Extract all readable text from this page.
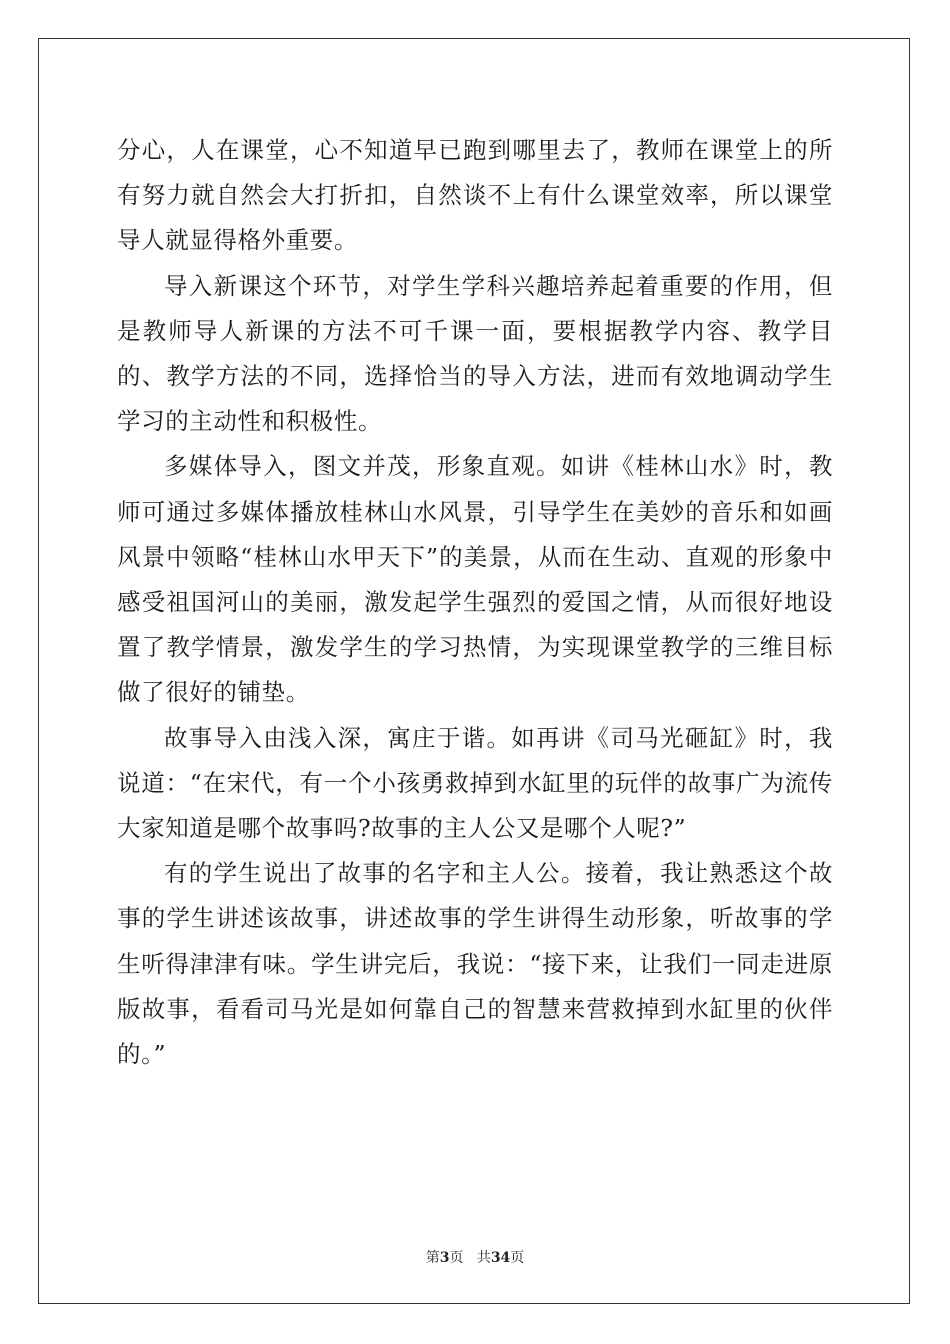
分心，人在课堂，心不知道早已跑到哪里去了，教师在课堂上的所有努力就自然会大打折扣，自然谈不上有什么课堂效率，所以课堂导人就显得格外重要。

导入新课这个环节，对学生学科兴趣培养起着重要的作用，但是教师导人新课的方法不可千课一面，要根据教学内容、教学目的、教学方法的不同，选择恰当的导入方法，进而有效地调动学生学习的主动性和积极性。

多媒体导入，图文并茂，形象直观。如讲《桂林山水》时，教师可通过多媒体播放桂林山水风景，引导学生在美妙的音乐和如画风景中领略“桂林山水甲天下”的美景，从而在生动、直观的形象中感受祖国河山的美丽，激发起学生强烈的爱国之情，从而很好地设置了教学情景，激发学生的学习热情，为实现课堂教学的三维目标做了很好的铺垫。

故事导入由浅入深，寓庄于谐。如再讲《司马光砸缸》时，我说道：“在宋代，有一个小孩勇救掉到水缸里的玩伴的故事广为流传大家知道是哪个故事吗?故事的主人公又是哪个人呢?”

有的学生说出了故事的名字和主人公。接着，我让熟悉这个故事的学生讲述该故事，讲述故事的学生讲得生动形象，听故事的学生听得津津有味。学生讲完后，我说：“接下来，让我们一同走进原版故事，看看司马光是如何靠自己的智慧来营救掉到水缸里的伙伴的。”

第3页 共34页
